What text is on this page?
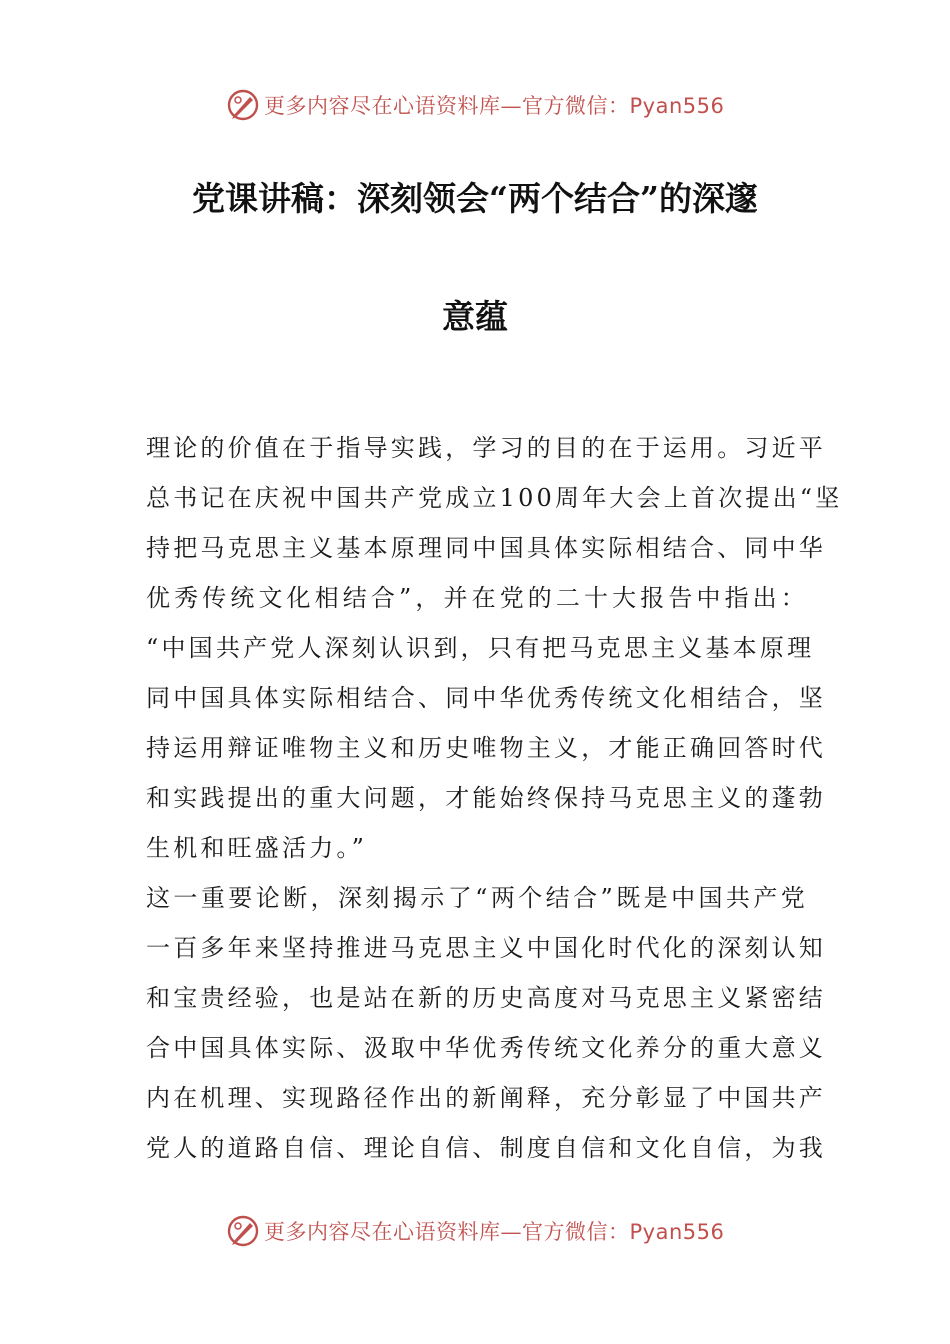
更多内容尽在心语资料库—官方微信：Pyan556
党课讲稿：深刻领会“两个结合”的深邃
意蕴
理论的价值在于指导实践，学习的目的在于运用。习近平
总书记在庆祝中国共产党成立100周年大会上首次提出“坚
持把马克思主义基本原理同中国具体实际相结合、同中华
优秀传统文化相结合”，并在党的二十大报告中指出：
“中国共产党人深刻认识到，只有把马克思主义基本原理
同中国具体实际相结合、同中华优秀传统文化相结合，坚
持运用辩证唯物主义和历史唯物主义，才能正确回答时代
和实践提出的重大问题，才能始终保持马克思主义的蓬勃
生机和旺盛活力。”
这一重要论断，深刻揭示了“两个结合”既是中国共产党
一百多年来坚持推进马克思主义中国化时代化的深刻认知
和宝贵经验，也是站在新的历史高度对马克思主义紧密结
合中国具体实际、汲取中华优秀传统文化养分的重大意义
内在机理、实现路径作出的新阐释，充分彰显了中国共产
党人的道路自信、理论自信、制度自信和文化自信，为我
更多内容尽在心语资料库—官方微信：Pyan556
